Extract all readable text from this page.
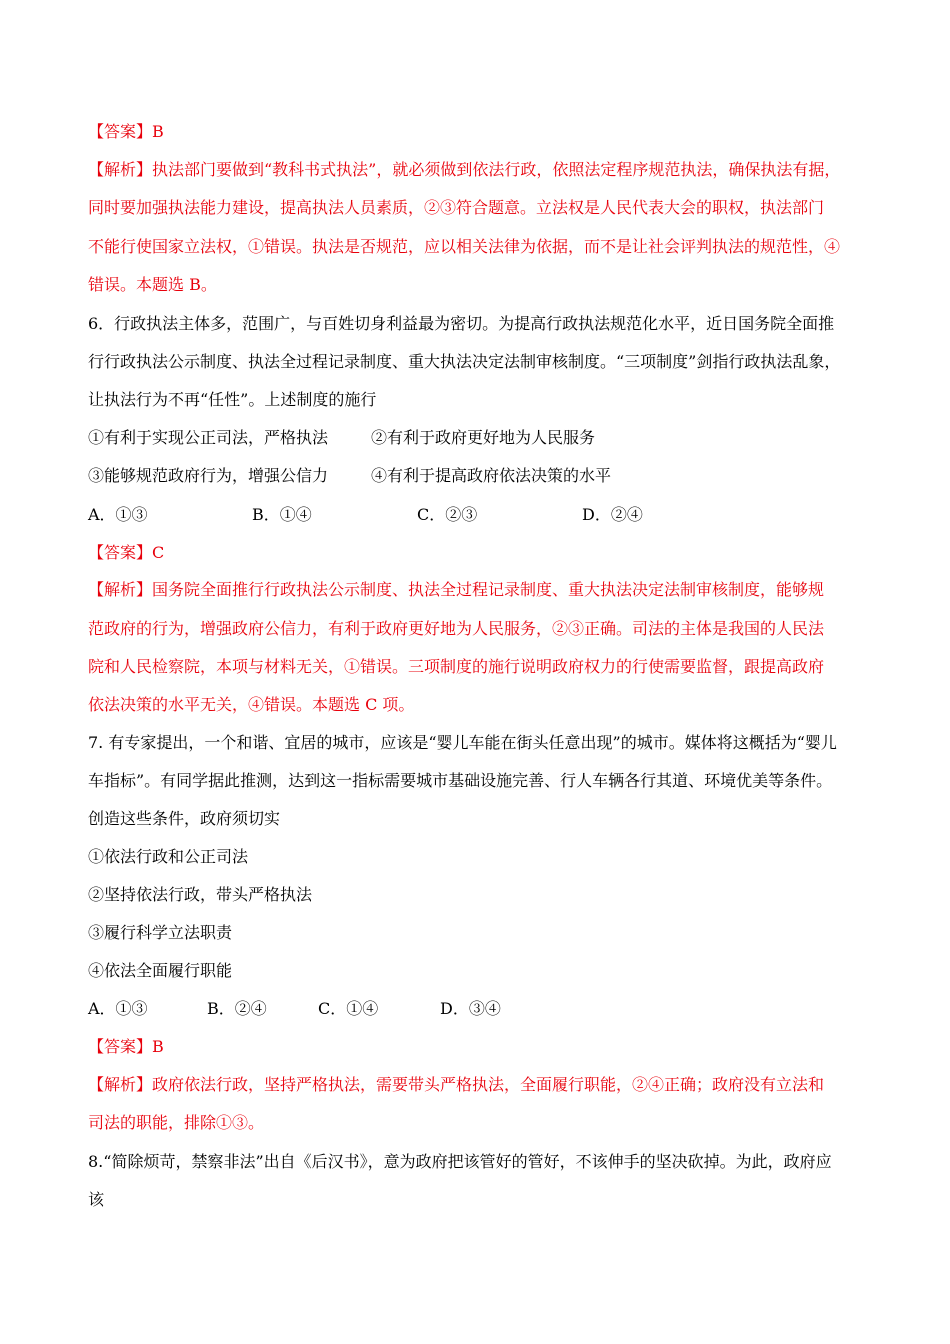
【答案】B
【解析】执法部门要做到“教科书式执法”，就必须做到依法行政，依照法定程序规范执法，确保执法有据，
同时要加强执法能力建设，提高执法人员素质，②③符合题意。立法权是人民代表大会的职权，执法部门
不能行使国家立法权，①错误。执法是否规范，应以相关法律为依据，而不是让社会评判执法的规范性，④
错误。本题选 B。
6．行政执法主体多，范围广，与百姓切身利益最为密切。为提高行政执法规范化水平，近日国务院全面推
行行政执法公示制度、执法全过程记录制度、重大执法决定法制审核制度。“三项制度”剑指行政执法乱象，
让执法行为不再“任性”。上述制度的施行
①有利于实现公正司法，严格执法	②有利于政府更好地为人民服务
③能够规范政府行为，增强公信力	④有利于提高政府依法决策的水平
A．①③	B．①④	C．②③	D．②④
【答案】C
【解析】国务院全面推行行政执法公示制度、执法全过程记录制度、重大执法决定法制审核制度，能够规
范政府的行为，增强政府公信力，有利于政府更好地为人民服务，②③正确。司法的主体是我国的人民法
院和人民检察院，本项与材料无关，①错误。三项制度的施行说明政府权力的行使需要监督，跟提高政府
依法决策的水平无关，④错误。本题选 C 项。
7. 有专家提出，一个和谐、宜居的城市，应该是“婴儿车能在街头任意出现”的城市。媒体将这概括为“婴儿
车指标”。有同学据此推测，达到这一指标需要城市基础设施完善、行人车辆各行其道、环境优美等条件。
创造这些条件，政府须切实
①依法行政和公正司法
②坚持依法行政，带头严格执法
③履行科学立法职责
④依法全面履行职能
A．①③	B．②④	C．①④	D．③④
【答案】B
【解析】政府依法行政，坚持严格执法，需要带头严格执法，全面履行职能，②④正确；政府没有立法和
司法的职能，排除①③。
8.“简除烦苛，禁察非法”出自《后汉书》，意为政府把该管好的管好，不该伸手的坚决砍掉。为此，政府应
该
